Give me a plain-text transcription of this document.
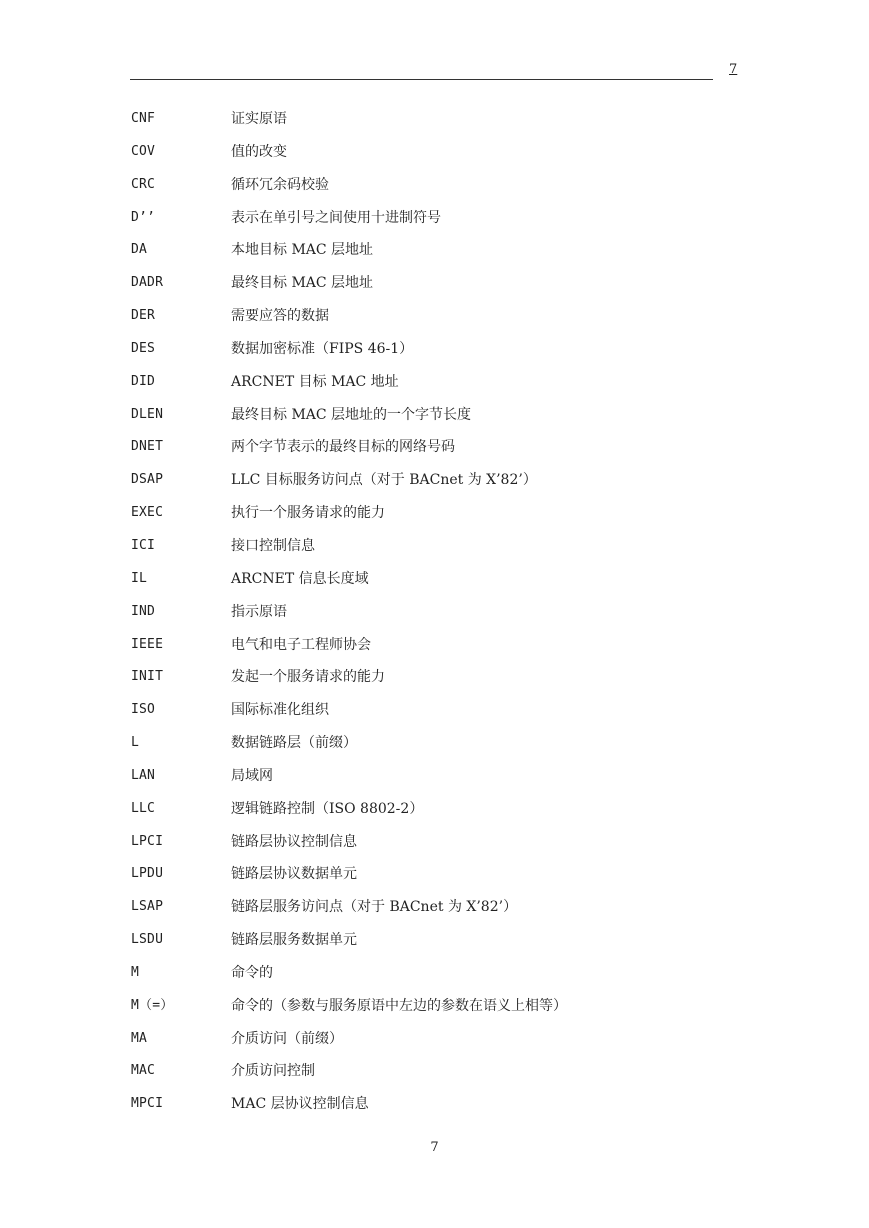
7
CNF	证实原语
COV	值的改变
CRC	循环冗余码校验
D’’	表示在单引号之间使用十进制符号
DA	本地目标 MAC 层地址
DADR	最终目标 MAC 层地址
DER	需要应答的数据
DES	数据加密标准（FIPS 46-1）
DID	ARCNET 目标 MAC 地址
DLEN	最终目标 MAC 层地址的一个字节长度
DNET	两个字节表示的最终目标的网络号码
DSAP	LLC 目标服务访问点（对于 BACnet 为 X’82’）
EXEC	执行一个服务请求的能力
ICI	接口控制信息
IL	ARCNET 信息长度域
IND	指示原语
IEEE	电气和电子工程师协会
INIT	发起一个服务请求的能力
ISO	国际标准化组织
L	数据链路层（前缀）
LAN	局域网
LLC	逻辑链路控制（ISO 8802-2）
LPCI	链路层协议控制信息
LPDU	链路层协议数据单元
LSAP	链路层服务访问点（对于 BACnet 为 X’82’）
LSDU	链路层服务数据单元
M	命令的
M（=）	命令的（参数与服务原语中左边的参数在语义上相等）
MA	介质访问（前缀）
MAC	介质访问控制
MPCI	MAC 层协议控制信息
7
